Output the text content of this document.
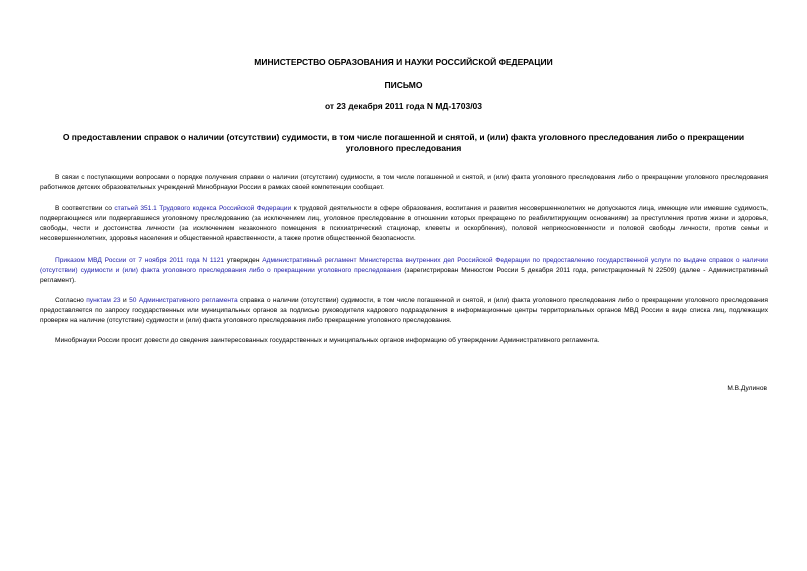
МИНИСТЕРСТВО ОБРАЗОВАНИЯ И НАУКИ РОССИЙСКОЙ ФЕДЕРАЦИИ
ПИСЬМО
от 23 декабря 2011 года N МД-1703/03
О предоставлении справок о наличии (отсутствии) судимости, в том числе погашенной и снятой, и (или) факта уголовного преследования либо о прекращении уголовного преследования

В связи с поступающими вопросами о порядке получения справки о наличии (отсутствии) судимости, в том числе погашенной и снятой, и (или) факта уголовного преследования либо о прекращении уголовного преследования работников детских образовательных учреждений Минобрнауки России в рамках своей компетенции сообщает.

В соответствии со статьей 351.1 Трудового кодекса Российской Федерации к трудовой деятельности в сфере образования, воспитания и развития несовершеннолетних не допускаются лица, имеющие или имевшие судимость, подвергающиеся или подвергавшиеся уголовному преследованию (за исключением лиц, уголовное преследование в отношении которых прекращено по реабилитирующим основаниям) за преступления против жизни и здоровья, свободы, чести и достоинства личности (за исключением незаконного помещения в психиатрический стационар, клеветы и оскорбления), половой неприкосновенности и половой свободы личности, против семьи и несовершеннолетних, здоровья населения и общественной нравственности, а также против общественной безопасности.

Приказом МВД России от 7 ноября 2011 года N 1121 утвержден Административный регламент Министерства внутренних дел Российской Федерации по предоставлению государственной услуги по выдаче справок о наличии (отсутствии) судимости и (или) факта уголовного преследования либо о прекращении уголовного преследования (зарегистрирован Минюстом России 5 декабря 2011 года, регистрационный N 22509) (далее - Административный регламент).

Согласно пунктам 23 и 50 Административного регламента справка о наличии (отсутствии) судимости, в том числе погашенной и снятой, и (или) факта уголовного преследования либо о прекращении уголовного преследования предоставляется по запросу государственных или муниципальных органов за подписью руководителя кадрового подразделения в информационные центры территориальных органов МВД России в виде списка лиц, подлежащих проверке на наличие (отсутствие) судимости и (или) факта уголовного преследования либо прекращение уголовного преследования.

Минобрнауки России просит довести до сведения заинтересованных государственных и муниципальных органов информацию об утверждении Административного регламента.

М.В.Дулинов
